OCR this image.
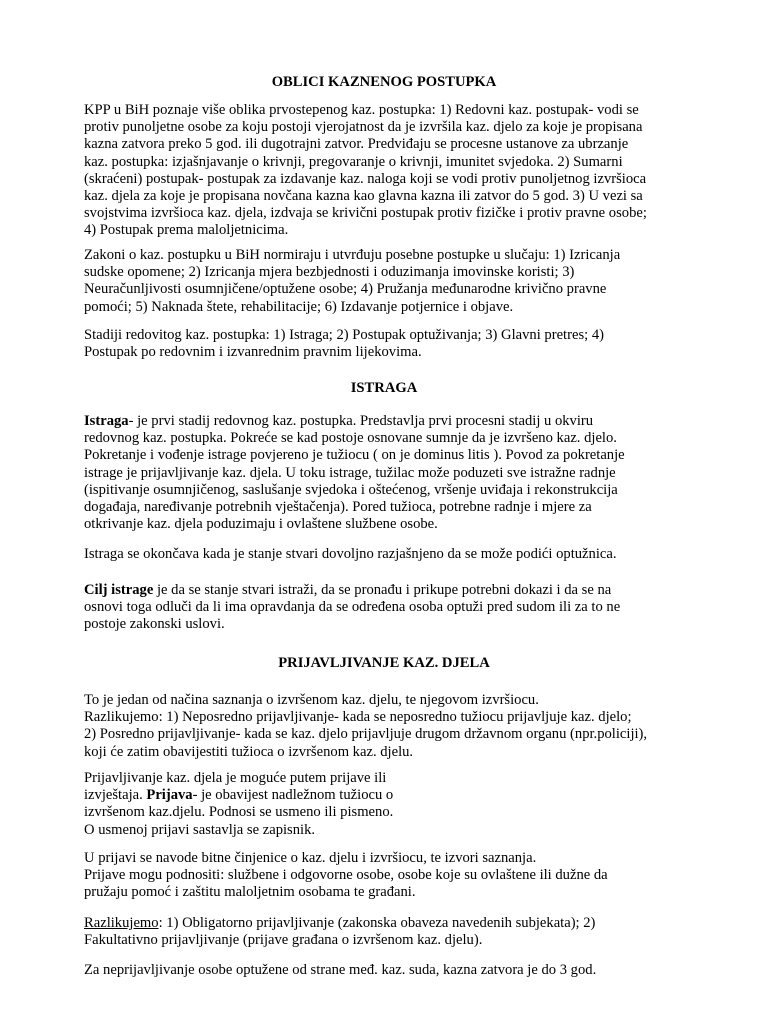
OBLICI KAZNENOG POSTUPKA
KPP u BiH poznaje više oblika prvostepenog kaz. postupka: 1) Redovni kaz. postupak- vodi se
protiv punoljetne osobe za koju postoji vjerojatnost da je izvršila kaz. djelo za koje je propisana
kazna zatvora preko 5 god. ili dugotrajni zatvor. Predviđaju se procesne ustanove za ubrzanje
kaz. postupka: izjašnjavanje o krivnji, pregovaranje o krivnji, imunitet svjedoka. 2) Sumarni
(skraćeni) postupak- postupak za izdavanje kaz. naloga koji se vodi protiv punoljetnog izvršioca
kaz. djela za koje je propisana novčana kazna kao glavna kazna ili zatvor do 5 god. 3) U vezi sa
svojstvima izvršioca kaz. djela, izdvaja se krivični postupak protiv fizičke i protiv pravne osobe;
4) Postupak prema maloljetnicima.
Zakoni o kaz. postupku u BiH normiraju i utvrđuju posebne postupke u slučaju: 1) Izricanja
sudske opomene; 2) Izricanja mjera bezbjednosti i oduzimanja imovinske koristi; 3)
Neuračunljivosti osumnjičene/optužene osobe; 4) Pružanja međunarodne krivično pravne
pomoći; 5) Naknada štete, rehabilitacije; 6) Izdavanje potjernice i objave.
Stadiji redovitog kaz. postupka: 1) Istraga; 2) Postupak optuživanja; 3) Glavni pretres; 4)
Postupak po redovnim i izvanrednim pravnim lijekovima.
ISTRAGA
Istraga- je prvi stadij redovnog kaz. postupka. Predstavlja prvi procesni stadij u okviru
redovnog kaz. postupka. Pokreće se kad postoje osnovane sumnje da je izvršeno kaz. djelo.
Pokretanje i vođenje istrage povjereno je tužiocu ( on je dominus litis ). Povod za pokretanje
istrage je prijavljivanje kaz. djela. U toku istrage, tužilac može poduzeti sve istražne radnje
(ispitivanje osumnjičenog, saslušanje svjedoka i oštećenog, vršenje uviđaja i rekonstrukcija
događaja, naređivanje potrebnih vještačenja). Pored tužioca, potrebne radnje i mjere za
otkrivanje kaz. djela poduzimaju i ovlaštene službene osobe.
Istraga se okončava kada je stanje stvari dovoljno razjašnjeno da se može podići optužnica.
Cilj istrage je da se stanje stvari istraži, da se pronađu i prikupe potrebni dokazi i da se na
osnovi toga odluči da li ima opravdanja da se određena osoba optuži pred sudom ili za to ne
postoje zakonski uslovi.
PRIJAVLJIVANJE KAZ. DJELA
To je jedan od načina saznanja o izvršenom kaz. djelu, te njegovom izvršiocu.
Razlikujemo: 1) Neposredno prijavljivanje- kada se neposredno tužiocu prijavljuje kaz. djelo;
2) Posredno prijavljivanje- kada se kaz. djelo prijavljuje drugom državnom organu (npr.policiji),
koji će zatim obavijestiti tužioca o izvršenom kaz. djelu.
Prijavljivanje kaz. djela je moguće putem prijave ili
izvještaja. Prijava- je obavijest nadležnom tužiocu o
izvršenom kaz.djelu. Podnosi se usmeno ili pismeno.
O usmenoj prijavi sastavlja se zapisnik.
U prijavi se navode bitne činjenice o kaz. djelu i izvršiocu, te izvori saznanja.
Prijave mogu podnositi: službene i odgovorne osobe, osobe koje su ovlaštene ili dužne da
pružaju pomoć i zaštitu maloljetnim osobama te građani.
Razlikujemo: 1) Obligatorno prijavljivanje (zakonska obaveza navedenih subjekata); 2)
Fakultativno prijavljivanje (prijave građana o izvršenom kaz. djelu).
Za neprijavljivanje osobe optužene od strane međ. kaz. suda, kazna zatvora je do 3 god.
